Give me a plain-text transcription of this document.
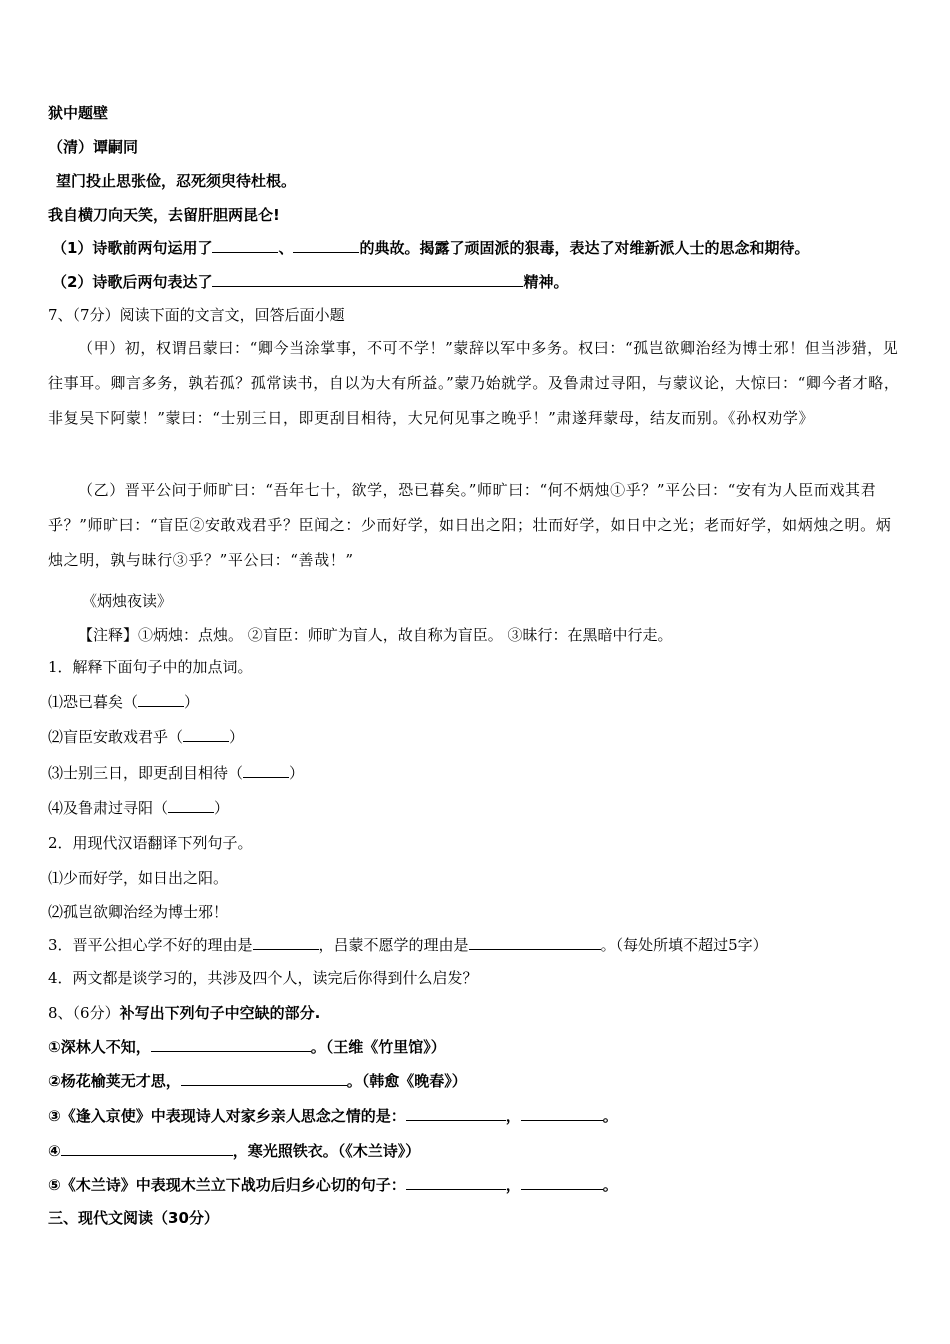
狱中题壁
（清）谭嗣同
望门投止思张俭，忍死须臾待杜根。
我自横刀向天笑，去留肝胆两昆仑!
（1）诗歌前两句运用了	、	的典故。揭露了顽固派的狠毒，表达了对维新派人士的思念和期待。
（2）诗歌后两句表达了	精神。
7、（7分）阅读下面的文言文，回答后面小题
（甲）初，权谓吕蒙曰：“卿今当涂掌事，不可不学！”蒙辞以军中多务。权曰：“孤岂欲卿治经为博士邪！但当涉猎，见往事耳。卿言多务，孰若孤？孤常读书，自以为大有所益。”蒙乃始就学。及鲁肃过寻阳，与蒙议论，大惊曰：“卿今者才略，非复吴下阿蒙！”蒙曰：“士别三日，即更刮目相待，大兄何见事之晚乎！”肃遂拜蒙母，结友而别。《孙权劝学》
（乙）晋平公问于师旷曰：“吾年七十，欲学，恐已暮矣。”师旷曰：“何不炳烛①乎？”平公曰：“安有为人臣而戏其君乎？”师旷曰：“盲臣②安敢戏君乎？臣闻之：少而好学，如日出之阳；壮而好学，如日中之光；老而好学，如炳烛之明。炳烛之明，孰与昧行③乎？”平公曰：“善哉！”
《炳烛夜读》
【注释】①炳烛：点烛。 ②盲臣：师旷为盲人，故自称为盲臣。 ③昧行：在黑暗中行走。
1．解释下面句子中的加点词。
⑴恐已暮矣（	）
⑵盲臣安敢戏君乎（	）
⑶士别三日，即更刮目相待（	）
⑷及鲁肃过寻阳（	）
2．用现代汉语翻译下列句子。
⑴少而好学，如日出之阳。
⑵孤岂欲卿治经为博士邪！
3．晋平公担心学不好的理由是	，吕蒙不愿学的理由是	。（每处所填不超过5字）
4．两文都是谈学习的，共涉及四个人，读完后你得到什么启发？
8、（6分）补写出下列句子中空缺的部分.
①深林人不知，	。（王维《竹里馆》）
②杨花榆荚无才思，	。（韩愈《晚春》）
③《逢入京使》中表现诗人对家乡亲人思念之情的是：	，	。
④	，寒光照铁衣。（《木兰诗》）
⑤《木兰诗》中表现木兰立下战功后归乡心切的句子：	，	。
三、现代文阅读（30分）
